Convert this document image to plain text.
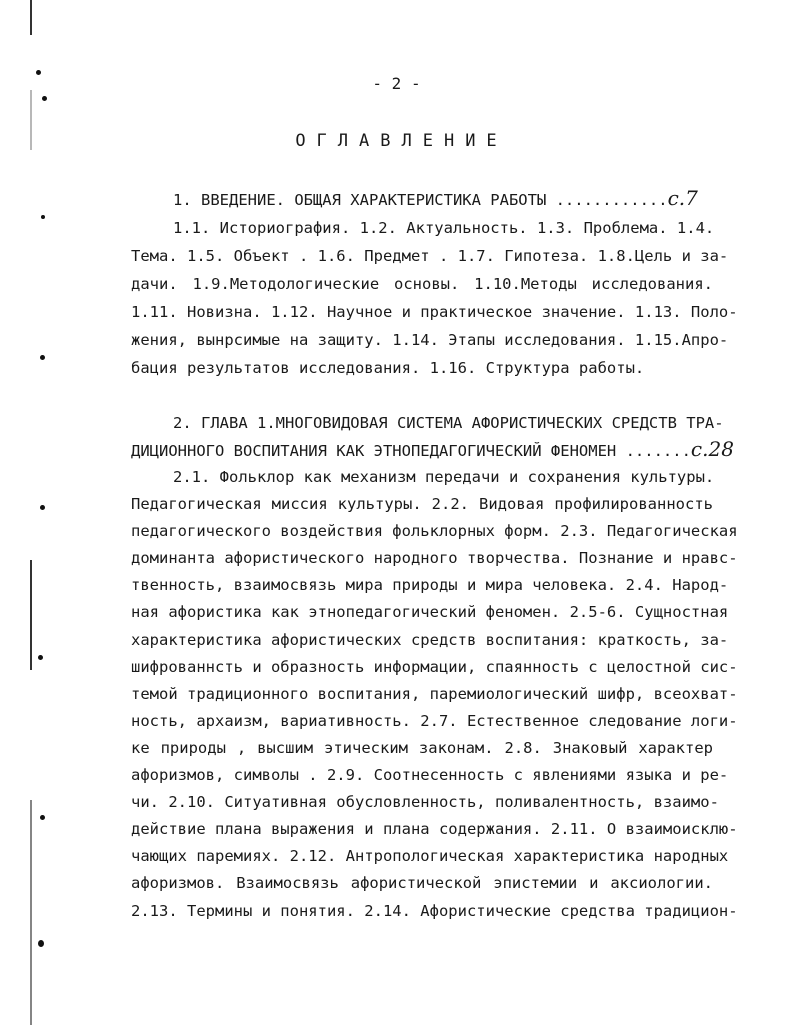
- 2 -
ОГЛАВЛЕНИЕ
1. ВВЕДЕНИЕ. ОБЩАЯ ХАРАКТЕРИСТИКА РАБОТЫ ............с.7
1.1. Историография. 1.2. Актуальность. 1.3. Проблема. 1.4.
Тема. 1.5. Объект . 1.6. Предмет . 1.7. Гипотеза. 1.8.Цель и за-
дачи. 1.9.Методологические основы. 1.10.Методы исследования.
1.11. Новизна. 1.12. Научное и практическое значение. 1.13. Поло-
жения, вынрсимые на защиту. 1.14. Этапы исследования. 1.15.Апро-
бация результатов исследования. 1.16. Структура работы.
2. ГЛАВА 1.МНОГОВИДОВАЯ СИСТЕМА АФОРИСТИЧЕСКИХ СРЕДСТВ ТРА-
ДИЦИОННОГО ВОСПИТАНИЯ КАК ЭТНОПЕДАГОГИЧЕСКИЙ ФЕНОМЕН .......с.28
2.1. Фольклор как механизм передачи и сохранения культуры.
Педагогическая миссия культуры. 2.2. Видовая профилированность
педагогического воздействия фольклорных форм. 2.3. Педагогическая
доминанта афористического народного творчества. Познание и нравс-
твенность, взаимосвязь мира природы и мира человека. 2.4. Народ-
ная афористика как этнопедагогический феномен. 2.5-6. Сущностная
характеристика афористических средств воспитания: краткость, за-
шифрованнсть и образность информации, спаянность с целостной сис-
темой традиционного воспитания, паремиологический шифр, всеохват-
ность, архаизм, вариативность. 2.7. Естественное следование логи-
ке природы , высшим этическим законам. 2.8. Знаковый характер
афоризмов, символы . 2.9. Соотнесенность с явлениями языка и ре-
чи. 2.10. Ситуативная обусловленность, поливалентность, взаимо-
действие плана выражения и плана содержания. 2.11. О взаимоисклю-
чающих паремиях. 2.12. Антропологическая характеристика народных
афоризмов. Взаимосвязь афористической эпистемии и аксиологии.
2.13. Термины и понятия. 2.14. Афористические средства традицион-
